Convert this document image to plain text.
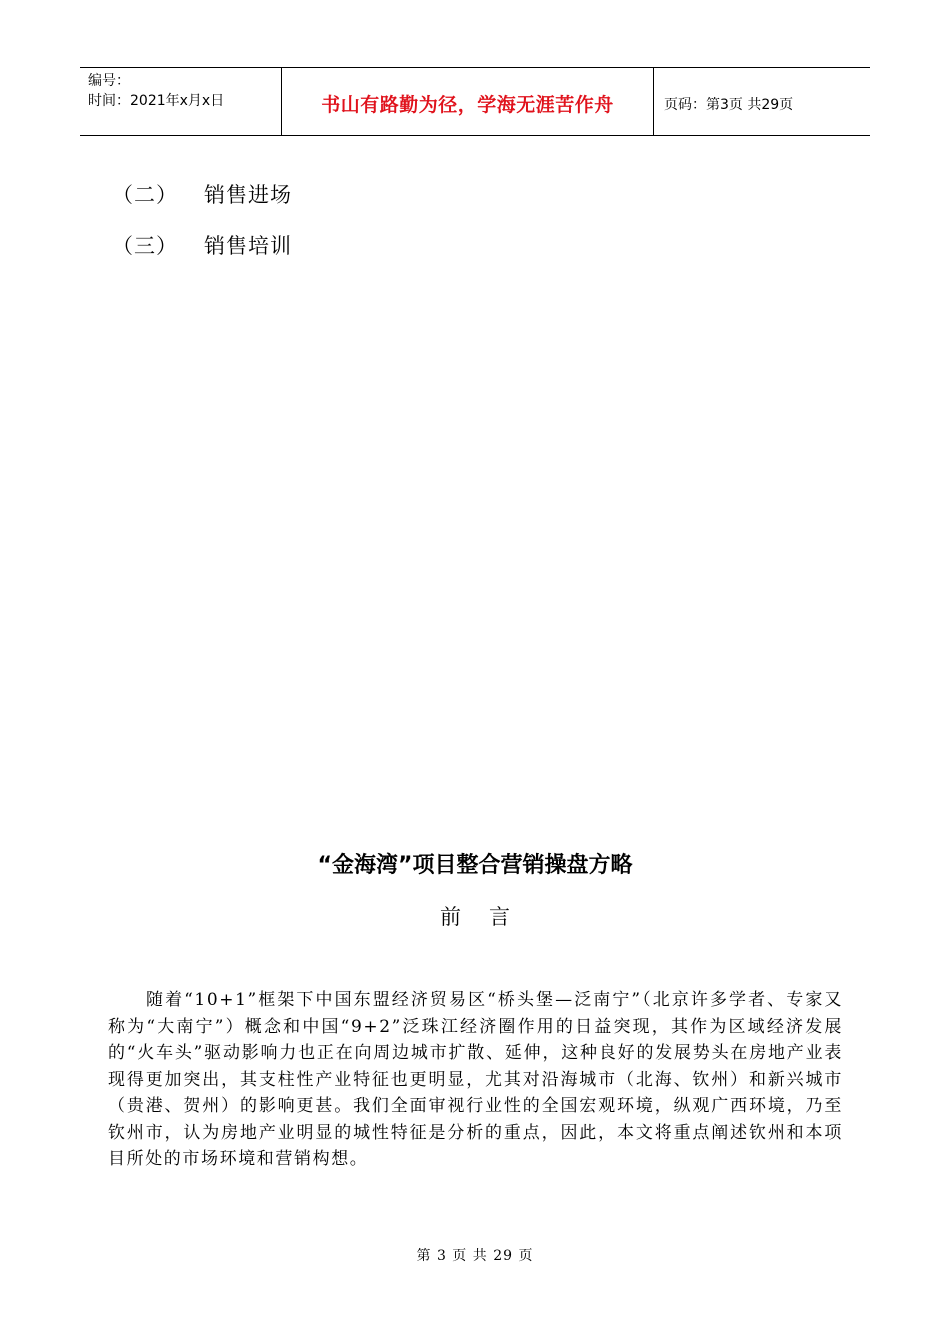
编号：
时间：2021年x月x日	书山有路勤为径，学海无涯苦作舟	页码：第3页 共29页
（二） 销售进场
（三） 销售培训
“金海湾”项目整合营销操盘方略
前言

随着“10+1”框架下中国东盟经济贸易区“桥头堡—泛南宁”（北京许多学者、专家又称为“大南宁”）概念和中国“9+2”泛珠江经济圈作用的日益突现，其作为区域经济发展的“火车头”驱动影响力也正在向周边城市扩散、延伸，这种良好的发展势头在房地产业表现得更加突出，其支柱性产业特征也更明显，尤其对沿海城市（北海、钦州）和新兴城市（贵港、贺州）的影响更甚。我们全面审视行业性的全国宏观环境，纵观广西环境，乃至钦州市，认为房地产业明显的城性特征是分析的重点，因此，本文将重点阐述钦州和本项目所处的市场环境和营销构想。

第 3 页 共 29 页
